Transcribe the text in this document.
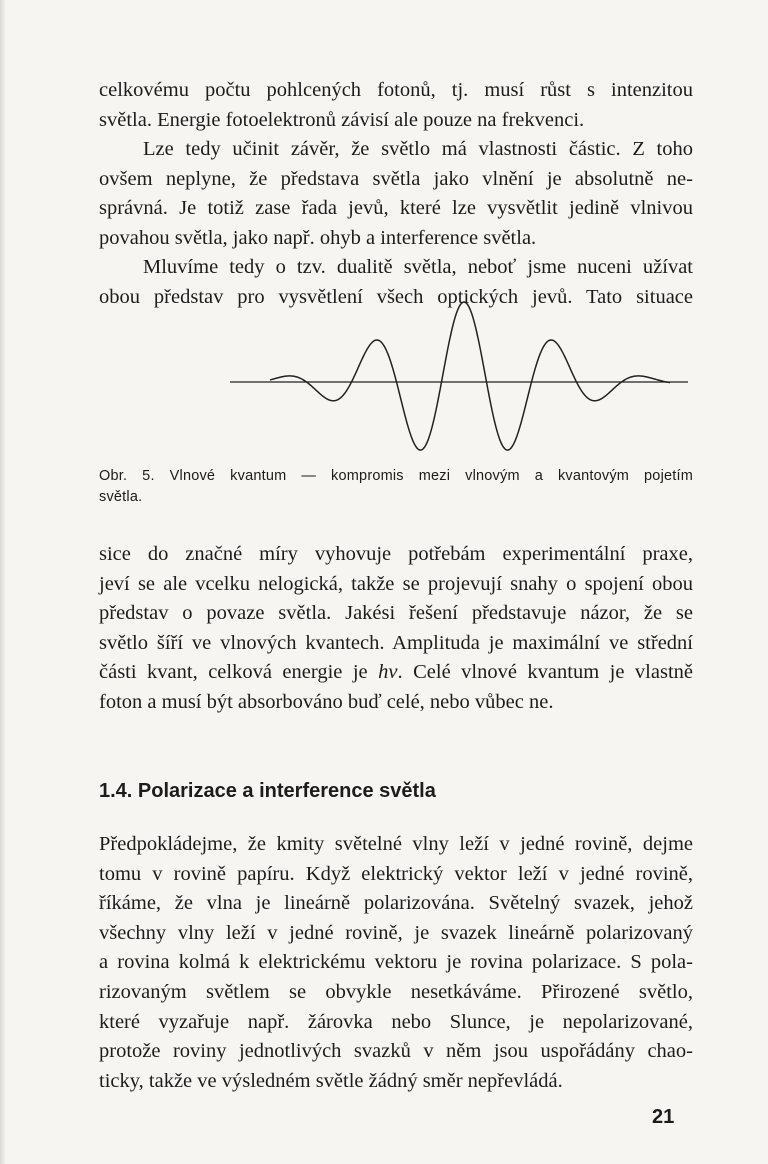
celkovému počtu pohlcených fotonů, tj. musí růst s intenzitou
světla. Energie fotoelektronů závisí ale pouze na frekvenci.

Lze tedy učinit závěr, že světlo má vlastnosti částic. Z toho
ovšem neplyne, že představa světla jako vlnění je absolutně ne-
správná. Je totiž zase řada jevů, které lze vysvětlit jedině vlnivou
povahou světla, jako např. ohyb a interference světla.

Mluvíme tedy o tzv. dualitě světla, neboť jsme nuceni užívat
obou představ pro vysvětlení všech optických jevů. Tato situace

Obr. 5. Vlnové kvantum — kompromis mezi vlnovým a kvantovým pojetím
světla.

sice do značné míry vyhovuje potřebám experimentální praxe,
jeví se ale vcelku nelogická, takže se projevují snahy o spojení obou
představ o povaze světla. Jakési řešení představuje názor, že se
světlo šíří ve vlnových kvantech. Amplituda je maximální ve střední
části kvant, celková energie je hν. Celé vlnové kvantum je vlastně
foton a musí být absorbováno buď celé, nebo vůbec ne.

1.4. Polarizace a interference světla

Předpokládejme, že kmity světelné vlny leží v jedné rovině, dejme
tomu v rovině papíru. Když elektrický vektor leží v jedné rovině,
říkáme, že vlna je lineárně polarizována. Světelný svazek, jehož
všechny vlny leží v jedné rovině, je svazek lineárně polarizovaný
a rovina kolmá k elektrickému vektoru je rovina polarizace. S pola-
rizovaným světlem se obvykle nesetkáváme. Přirozené světlo,
které vyzařuje např. žárovka nebo Slunce, je nepolarizované,
protože roviny jednotlivých svazků v něm jsou uspořádány chao-
ticky, takže ve výsledném světle žádný směr nepřevládá.

21
